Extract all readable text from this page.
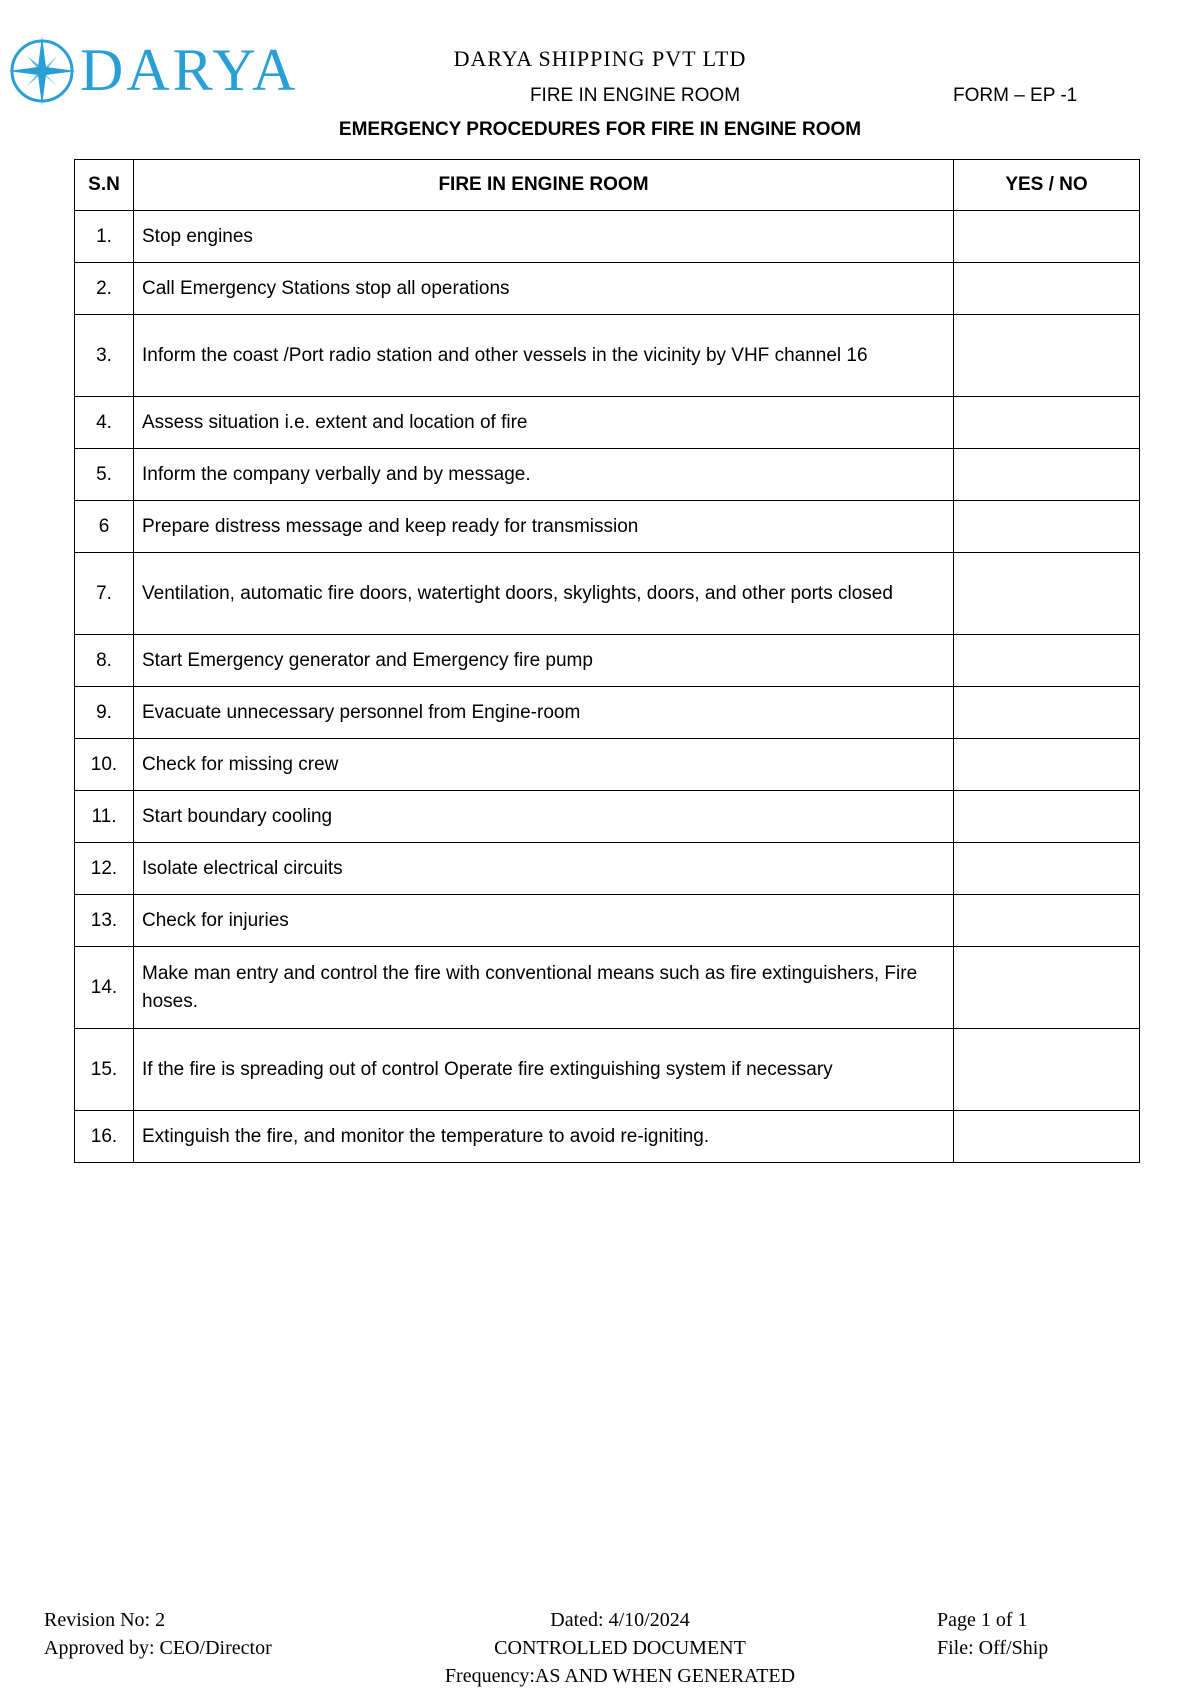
DARYA	DARYA SHIPPING PVT LTD
FIRE IN ENGINE ROOM	FORM – EP -1
EMERGENCY PROCEDURES FOR FIRE IN ENGINE ROOM
S.N	FIRE IN ENGINE ROOM	YES / NO
1.	Stop engines	
2.	Call Emergency Stations stop all operations	
3.	Inform the coast /Port radio station and other vessels in the vicinity by VHF channel 16	
4.	Assess situation i.e. extent and location of fire	
5.	Inform the company verbally and by message.	
6	Prepare distress message and keep ready for transmission	
7.	Ventilation, automatic fire doors, watertight doors, skylights, doors, and other ports closed	
8.	Start Emergency generator and Emergency fire pump	
9.	Evacuate unnecessary personnel from Engine-room	
10.	Check for missing crew	
11.	Start boundary cooling	
12.	Isolate electrical circuits	
13.	Check for injuries	
14.	Make man entry and control the fire with conventional means such as fire extinguishers, Fire hoses.	
15.	If the fire is spreading out of control Operate fire extinguishing system if necessary	
16.	Extinguish the fire, and monitor the temperature to avoid re-igniting.	
Revision No: 2
Approved by: CEO/Director
Dated: 4/10/2024
CONTROLLED DOCUMENT
Page 1 of 1
File: Off/Ship
Frequency:AS AND WHEN GENERATED
